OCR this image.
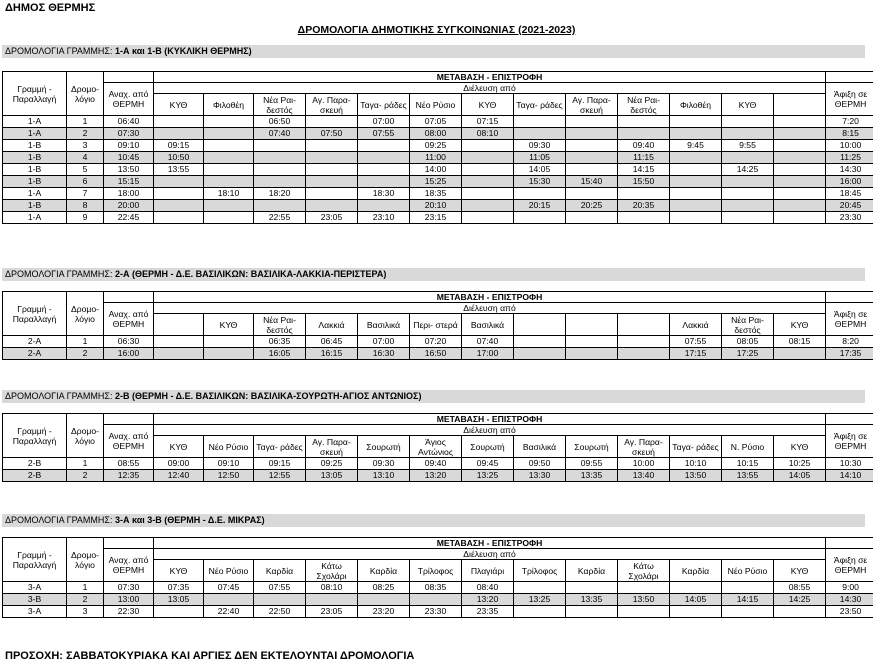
ΔΗΜΟΣ ΘΕΡΜΗΣ
ΔΡΟΜΟΛΟΓΙΑ ΔΗΜΟΤΙΚΗΣ ΣΥΓΚΟΙΝΩΝΙΑΣ (2021-2023)
ΔΡΟΜΟΛΟΓΙΑ ΓΡΑΜΜΗΣ: 1-Α και 1-Β (ΚΥΚΛΙΚΗ ΘΕΡΜΗΣ)
Γραμμή - Παραλλαγή	Δρομο- λόγιο		ΜΕΤΑΒΑΣΗ - ΕΠΙΣΤΡΟΦΗ													
		Αναχ. από ΘΕΡΜΗ	Διέλευση από													Άφιξη σε ΘΕΡΜΗ
			ΚΥΘ	Φιλοθέη	Νέα Ραι- δεστός	Αγ. Παρα- σκευή	Ταγα- ράδες	Νέο Ρύσιο	ΚΥΘ	Ταγα- ράδες	Αγ. Παρα- σκευή	Νέα Ραι- δεστός	Φιλοθέη	ΚΥΘ		
1-Α	1	06:40			06:50		07:00	07:05	07:15							7:20
1-Α	2	07:30			07:40	07:50	07:55	08:00	08:10							8:15
1-Β	3	09:10	09:15					09:25		09:30		09:40	9:45	9:55		10:00
1-Β	4	10:45	10:50					11:00		11:05		11:15				11:25
1-Β	5	13:50	13:55					14:00		14:05		14:15		14:25		14:30
1-Β	6	15:15						15:25		15:30	15:40	15:50				16:00
1-Α	7	18:00		18:10	18:20		18:30	18:35								18:45
1-Β	8	20:00						20:10		20:15	20:25	20:35				20:45
1-Α	9	22:45			22:55	23:05	23:10	23:15								23:30
ΔΡΟΜΟΛΟΓΙΑ ΓΡΑΜΜΗΣ: 2-Α (ΘΕΡΜΗ - Δ.Ε. ΒΑΣΙΛΙΚΩΝ: ΒΑΣΙΛΙΚΑ-ΛΑΚΚΙΑ-ΠΕΡΙΣΤΕΡΑ)
Γραμμή - Παραλλαγή	Δρομο- λόγιο		ΜΕΤΑΒΑΣΗ - ΕΠΙΣΤΡΟΦΗ													
		Αναχ. από ΘΕΡΜΗ	Διέλευση από													Άφιξη σε ΘΕΡΜΗ
				ΚΥΘ	Νέα Ραι- δεστός	Λακκιά	Βασιλικά	Περι- στερά	Βασιλικά				Λακκιά	Νέα Ραι- δεστός	ΚΥΘ	
2-Α	1	06:30			06:35	06:45	07:00	07:20	07:40				07:55	08:05	08:15	8:20
2-Α	2	16:00			16:05	16:15	16:30	16:50	17:00				17:15	17:25		17:35
ΔΡΟΜΟΛΟΓΙΑ ΓΡΑΜΜΗΣ: 2-Β (ΘΕΡΜΗ - Δ.Ε. ΒΑΣΙΛΙΚΩΝ: ΒΑΣΙΛΙΚΑ-ΣΟΥΡΩΤΗ-ΑΓΙΟΣ ΑΝΤΩΝΙΟΣ)
Γραμμή - Παραλλαγή	Δρομο- λόγιο		ΜΕΤΑΒΑΣΗ - ΕΠΙΣΤΡΟΦΗ													
		Αναχ. από ΘΕΡΜΗ	Διέλευση από													Άφιξη σε ΘΕΡΜΗ
			ΚΥΘ	Νέο Ρύσιο	Ταγα- ράδες	Αγ. Παρα- σκευή	Σουρωτή	Άγιος Αντώνιος	Σουρωτή	Βασιλικά	Σουρωτή	Αγ. Παρα- σκευή	Ταγα- ράδες	Ν. Ρύσιο	ΚΥΘ	
2-Β	1	08:55	09:00	09:10	09:15	09:25	09:30	09:40	09:45	09:50	09:55	10:00	10:10	10:15	10:25	10:30
2-Β	2	12:35	12:40	12:50	12:55	13:05	13:10	13:20	13:25	13:30	13:35	13:40	13:50	13:55	14:05	14:10
ΔΡΟΜΟΛΟΓΙΑ ΓΡΑΜΜΗΣ: 3-Α και 3-Β (ΘΕΡΜΗ - Δ.Ε. ΜΙΚΡΑΣ)
Γραμμή - Παραλλαγή	Δρομο- λόγιο		ΜΕΤΑΒΑΣΗ - ΕΠΙΣΤΡΟΦΗ													
		Αναχ. από ΘΕΡΜΗ	Διέλευση από													Άφιξη σε ΘΕΡΜΗ
			ΚΥΘ	Νέο Ρύσιο	Καρδία	Κάτω Σχολάρι	Καρδία	Τρίλοφος	Πλαγιάρι	Τρίλοφος	Καρδία	Κάτω Σχολάρι	Καρδία	Νέο Ρύσιο	ΚΥΘ	
3-Α	1	07:30	07:35	07:45	07:55	08:10	08:25	08:35	08:40						08:55	9:00
3-Β	2	13:00	13:05						13:20	13:25	13:35	13:50	14:05	14:15	14:25	14:30
3-Α	3	22:30		22:40	22:50	23:05	23:20	23:30	23:35							23:50
ΠΡΟΣΟΧΗ: ΣΑΒΒΑΤΟΚΥΡΙΑΚΑ ΚΑΙ ΑΡΓΙΕΣ ΔΕΝ ΕΚΤΕΛΟΥΝΤΑΙ ΔΡΟΜΟΛΟΓΙΑ
